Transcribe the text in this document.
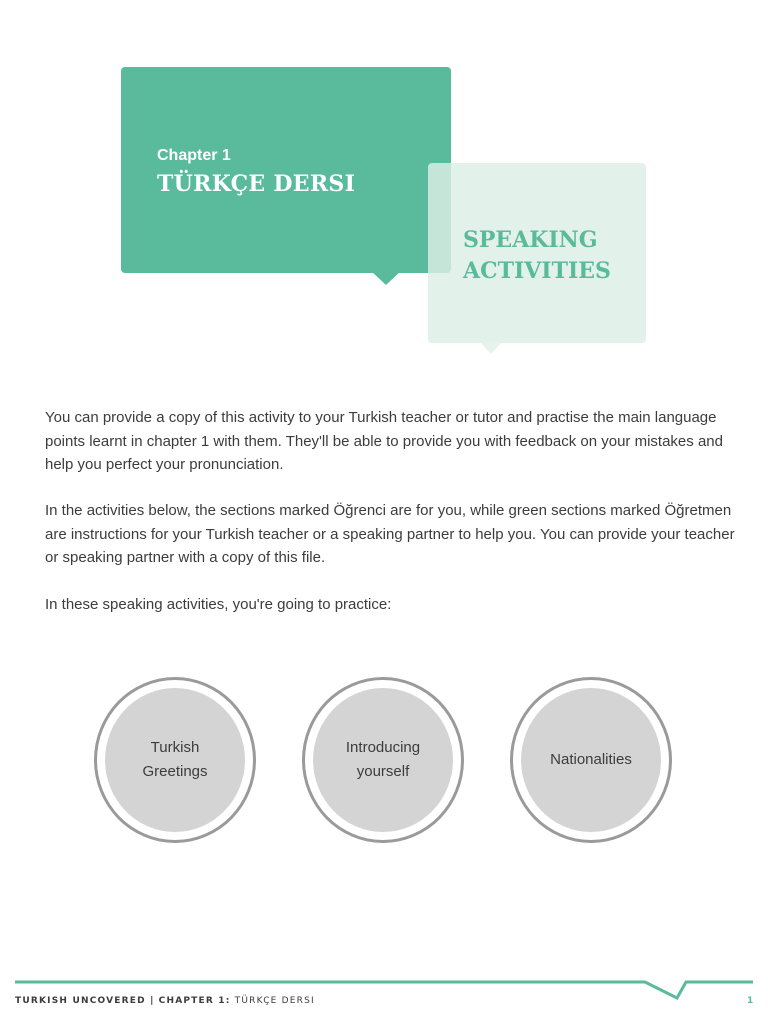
Chapter 1

TÜRKÇE DERSI
SPEAKING ACTIVITIES

You can provide a copy of this activity to your Turkish teacher or tutor and practise the main language points learnt in chapter 1 with them. They'll be able to provide you with feedback on your mistakes and help you perfect your pronunciation.

In the activities below, the sections marked Öğrenci are for you, while green sections marked Öğretmen are instructions for your Turkish teacher or a speaking partner to help you. You can provide your teacher or speaking partner with a copy of this file.

In these speaking activities, you're going to practice:

Turkish
Greetings
Introducing
yourself
Nationalities
TURKISH UNCOVERED | CHAPTER 1: TÜRKÇE DERSI	1
